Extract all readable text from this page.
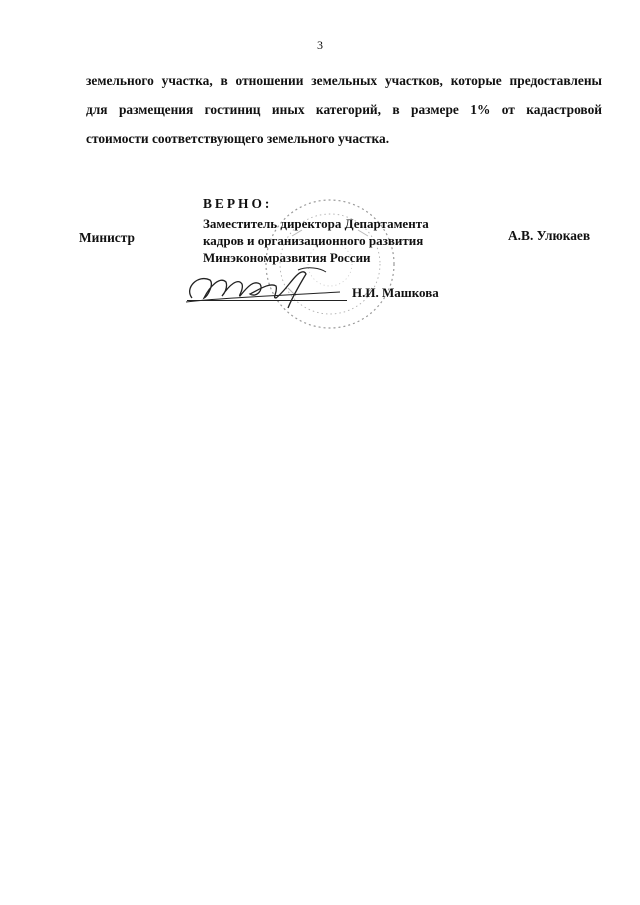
3
земельного участка, в отношении земельных участков, которые предоставлены
для размещения гостиниц иных категорий, в размере 1% от кадастровой
стоимости соответствующего земельного участка.
Министр	А.В. Улюкаев
ВЕРНО:
Заместитель директора Департамента
кадров и организационного развития
Минэкономразвития России
Н.И. Машкова
